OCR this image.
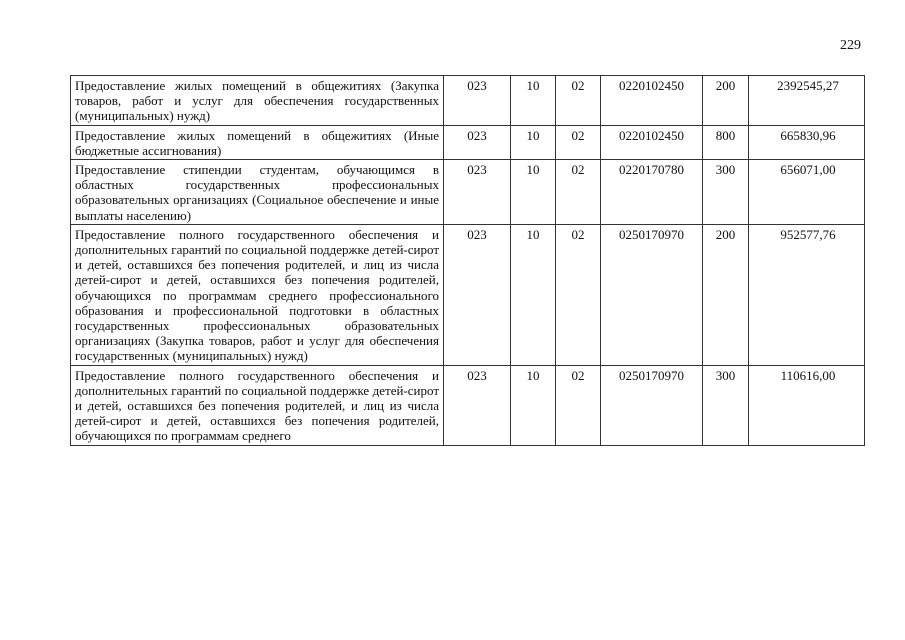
229
Предоставление жилых помещений в общежитиях (Закупка товаров, работ и услуг для обеспечения государственных (муниципальных) нужд)	023	10	02	0220102450	200	2392545,27
Предоставление жилых помещений в общежитиях (Иные бюджетные ассигнования)	023	10	02	0220102450	800	665830,96
Предоставление стипендии студентам, обучающимся в областных государственных профессиональных образовательных организациях (Социальное обеспечение и иные выплаты населению)	023	10	02	0220170780	300	656071,00
Предоставление полного государственного обеспечения и дополнительных гарантий по социальной поддержке детей-сирот и детей, оставшихся без попечения родителей, и лиц из числа детей-сирот и детей, оставшихся без попечения родителей, обучающихся по программам среднего профессионального образования и профессиональной подготовки в областных государственных профессиональных образовательных организациях (Закупка товаров, работ и услуг для обеспечения государственных (муниципальных) нужд)	023	10	02	0250170970	200	952577,76
Предоставление полного государственного обеспечения и дополнительных гарантий по социальной поддержке детей-сирот и детей, оставшихся без попечения родителей, и лиц из числа детей-сирот и детей, оставшихся без попечения родителей, обучающихся по программам среднего	023	10	02	0250170970	300	110616,00
